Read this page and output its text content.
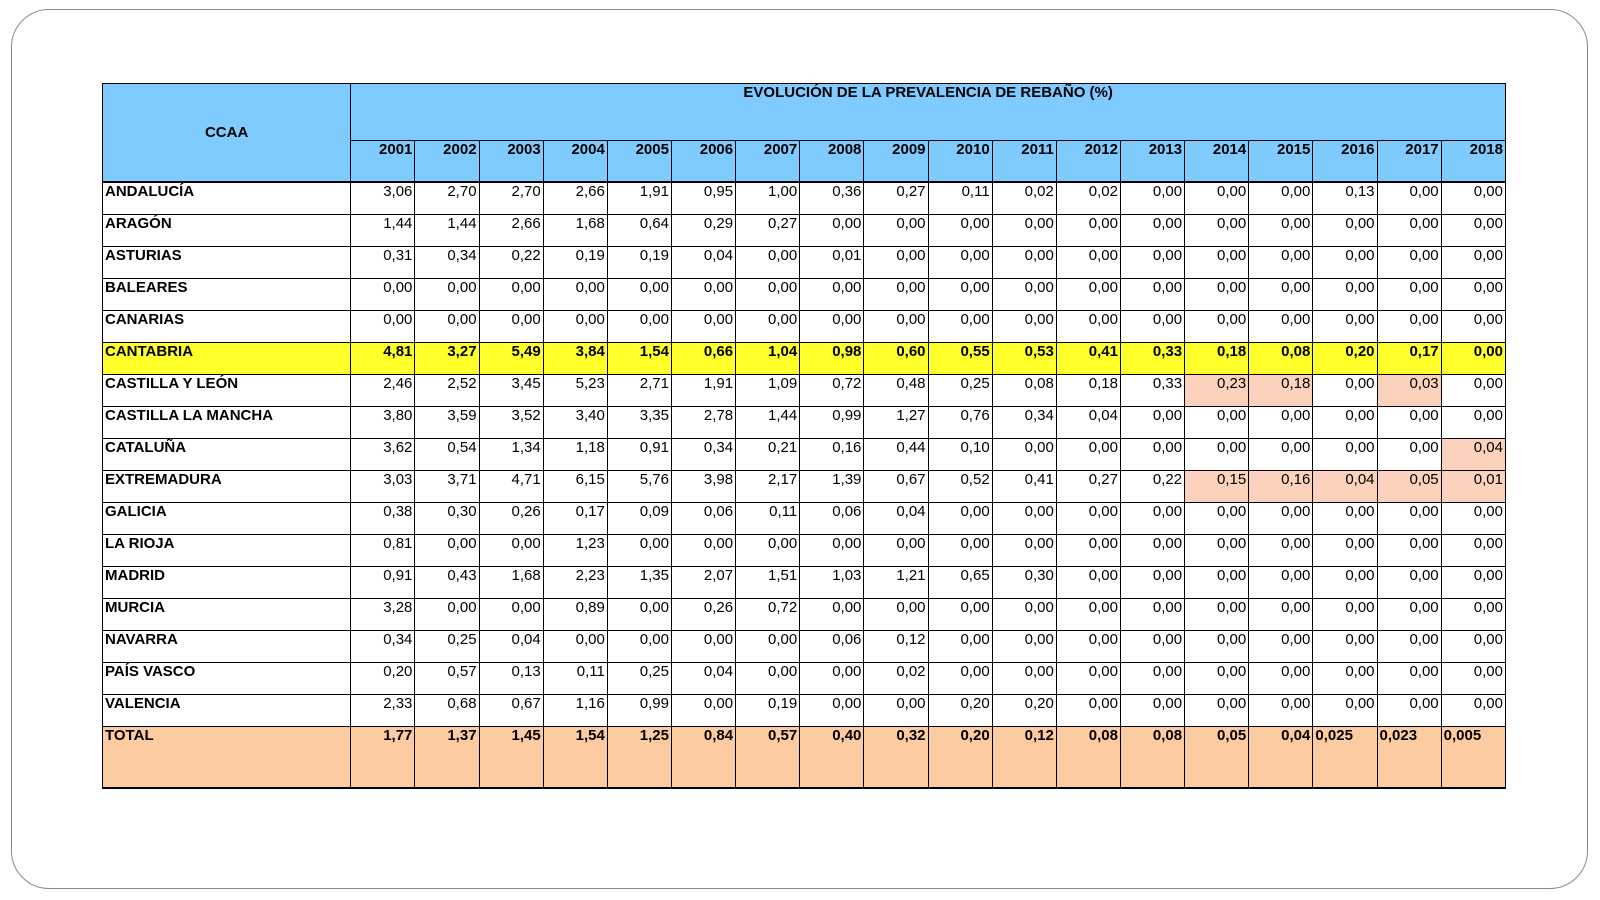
CCAA	EVOLUCIÓN DE LA PREVALENCIA DE REBAÑO (%)																	
	2001	2002	2003	2004	2005	2006	2007	2008	2009	2010	2011	2012	2013	2014	2015	2016	2017	2018
ANDALUCÍA	3,06	2,70	2,70	2,66	1,91	0,95	1,00	0,36	0,27	0,11	0,02	0,02	0,00	0,00	0,00	0,13	0,00	0,00
ARAGÓN	1,44	1,44	2,66	1,68	0,64	0,29	0,27	0,00	0,00	0,00	0,00	0,00	0,00	0,00	0,00	0,00	0,00	0,00
ASTURIAS	0,31	0,34	0,22	0,19	0,19	0,04	0,00	0,01	0,00	0,00	0,00	0,00	0,00	0,00	0,00	0,00	0,00	0,00
BALEARES	0,00	0,00	0,00	0,00	0,00	0,00	0,00	0,00	0,00	0,00	0,00	0,00	0,00	0,00	0,00	0,00	0,00	0,00
CANARIAS	0,00	0,00	0,00	0,00	0,00	0,00	0,00	0,00	0,00	0,00	0,00	0,00	0,00	0,00	0,00	0,00	0,00	0,00
CANTABRIA	4,81	3,27	5,49	3,84	1,54	0,66	1,04	0,98	0,60	0,55	0,53	0,41	0,33	0,18	0,08	0,20	0,17	0,00
CASTILLA Y LEÓN	2,46	2,52	3,45	5,23	2,71	1,91	1,09	0,72	0,48	0,25	0,08	0,18	0,33	0,23	0,18	0,00	0,03	0,00
CASTILLA LA MANCHA	3,80	3,59	3,52	3,40	3,35	2,78	1,44	0,99	1,27	0,76	0,34	0,04	0,00	0,00	0,00	0,00	0,00	0,00
CATALUÑA	3,62	0,54	1,34	1,18	0,91	0,34	0,21	0,16	0,44	0,10	0,00	0,00	0,00	0,00	0,00	0,00	0,00	0,04
EXTREMADURA	3,03	3,71	4,71	6,15	5,76	3,98	2,17	1,39	0,67	0,52	0,41	0,27	0,22	0,15	0,16	0,04	0,05	0,01
GALICIA	0,38	0,30	0,26	0,17	0,09	0,06	0,11	0,06	0,04	0,00	0,00	0,00	0,00	0,00	0,00	0,00	0,00	0,00
LA RIOJA	0,81	0,00	0,00	1,23	0,00	0,00	0,00	0,00	0,00	0,00	0,00	0,00	0,00	0,00	0,00	0,00	0,00	0,00
MADRID	0,91	0,43	1,68	2,23	1,35	2,07	1,51	1,03	1,21	0,65	0,30	0,00	0,00	0,00	0,00	0,00	0,00	0,00
MURCIA	3,28	0,00	0,00	0,89	0,00	0,26	0,72	0,00	0,00	0,00	0,00	0,00	0,00	0,00	0,00	0,00	0,00	0,00
NAVARRA	0,34	0,25	0,04	0,00	0,00	0,00	0,00	0,06	0,12	0,00	0,00	0,00	0,00	0,00	0,00	0,00	0,00	0,00
PAÍS VASCO	0,20	0,57	0,13	0,11	0,25	0,04	0,00	0,00	0,02	0,00	0,00	0,00	0,00	0,00	0,00	0,00	0,00	0,00
VALENCIA	2,33	0,68	0,67	1,16	0,99	0,00	0,19	0,00	0,00	0,20	0,20	0,00	0,00	0,00	0,00	0,00	0,00	0,00
TOTAL	1,77	1,37	1,45	1,54	1,25	0,84	0,57	0,40	0,32	0,20	0,12	0,08	0,08	0,05	0,04	0,025	0,023	0,005
